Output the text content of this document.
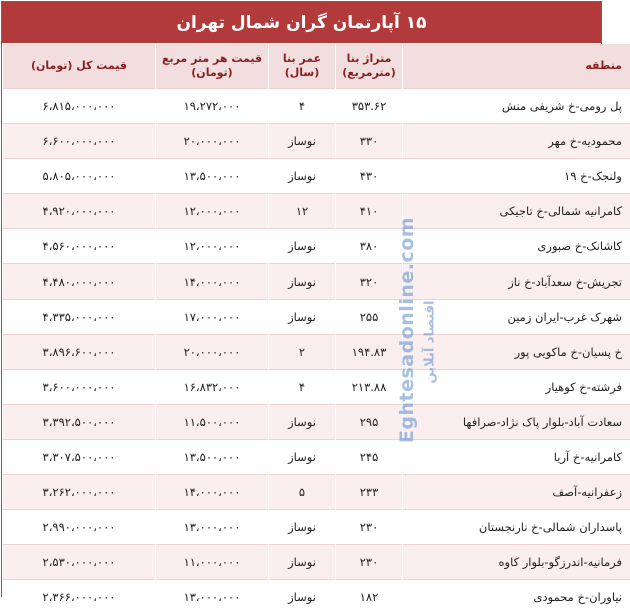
۱۵ آپارتمان گران شمال تهران
منطقه	متراژ بنا (مترمربع)	عمر بنا (سال)	قیمت هر متر مربع (تومان)	قیمت کل (تومان)
پل رومی-خ شریفی منش	۳۵۳.۶۲	۴	۱۹،۲۷۲،۰۰۰	۶،۸۱۵،۰۰۰،۰۰۰
محمودیه-خ مهر	۳۳۰	نوساز	۲۰،۰۰۰،۰۰۰	۶،۶۰۰،۰۰۰،۰۰۰
ولنجک-خ ۱۹	۴۳۰	نوساز	۱۳،۵۰۰،۰۰۰	۵،۸۰۵،۰۰۰،۰۰۰
کامرانیه شمالی-خ تاجیکی	۴۱۰	۱۲	۱۲،۰۰۰،۰۰۰	۴،۹۲۰،۰۰۰،۰۰۰
کاشانک-خ صبوری	۳۸۰	نوساز	۱۲،۰۰۰،۰۰۰	۴،۵۶۰،۰۰۰،۰۰۰
تجریش-خ سعدآباد-خ ناز	۳۲۰	نوساز	۱۴،۰۰۰،۰۰۰	۴،۴۸۰،۰۰۰،۰۰۰
شهرک غرب-ایران زمین	۲۵۵	نوساز	۱۷،۰۰۰،۰۰۰	۴،۳۳۵،۰۰۰،۰۰۰
خ پسیان-خ ماکویی پور	۱۹۴.۸۳	۲	۲۰،۰۰۰،۰۰۰	۳،۸۹۶،۶۰۰،۰۰۰
فرشته-خ کوهیار	۲۱۳.۸۸	۴	۱۶،۸۳۲،۰۰۰	۳،۶۰۰،۰۰۰،۰۰۰
سعادت آباد-بلوار پاک نژاد-صرافها	۲۹۵	نوساز	۱۱،۵۰۰،۰۰۰	۳،۳۹۲،۵۰۰،۰۰۰
کامرانیه-خ آریا	۲۴۵	نوساز	۱۳،۵۰۰،۰۰۰	۳،۳۰۷،۵۰۰،۰۰۰
زعفرانیه-آصف	۲۳۳	۵	۱۴،۰۰۰،۰۰۰	۳،۲۶۲،۰۰۰،۰۰۰
پاسداران شمالی-خ نارنجستان	۲۳۰	نوساز	۱۳،۰۰۰،۰۰۰	۲،۹۹۰،۰۰۰،۰۰۰
فرمانیه-اندرزگو-بلوار کاوه	۲۳۰	نوساز	۱۱،۰۰۰،۰۰۰	۲،۵۳۰،۰۰۰،۰۰۰
نیاوران-خ محمودی	۱۸۲	نوساز	۱۳،۰۰۰،۰۰۰	۲،۳۶۶،۰۰۰،۰۰۰
Eghtesadonline.com اقتصاد آنلاین
